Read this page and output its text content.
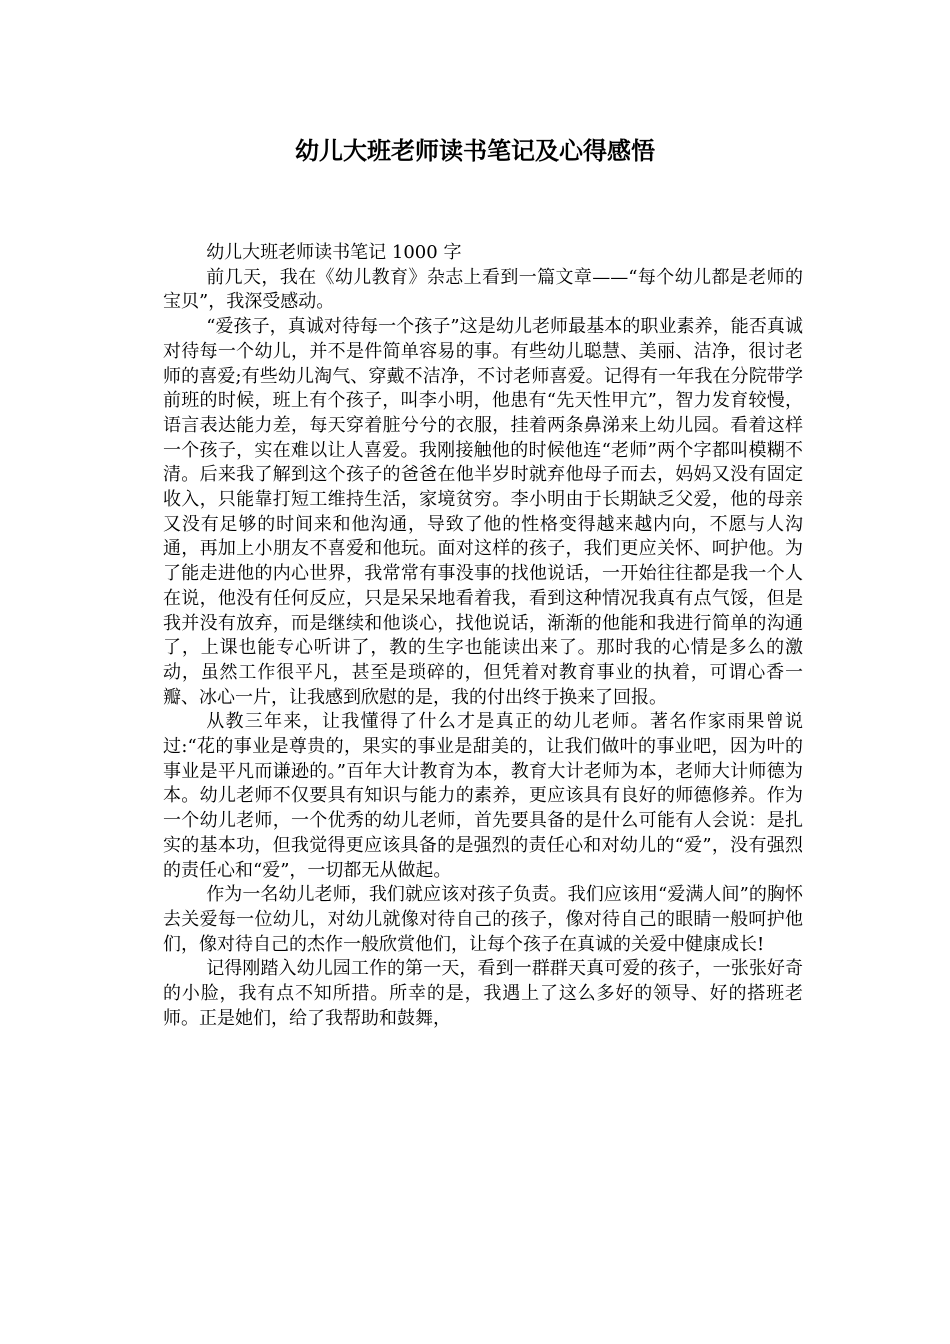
幼儿大班老师读书笔记及心得感悟

幼儿大班老师读书笔记 1000 字

前几天，我在《幼儿教育》杂志上看到一篇文章——“每个幼儿都是老师的宝贝”，我深受感动。

“爱孩子，真诚对待每一个孩子”这是幼儿老师最基本的职业素养，能否真诚对待每一个幼儿，并不是件简单容易的事。有些幼儿聪慧、美丽、洁净，很讨老师的喜爱;有些幼儿淘气、穿戴不洁净，不讨老师喜爱。记得有一年我在分院带学前班的时候，班上有个孩子，叫李小明，他患有“先天性甲亢”，智力发育较慢，语言表达能力差，每天穿着脏兮兮的衣服，挂着两条鼻涕来上幼儿园。看着这样一个孩子，实在难以让人喜爱。我刚接触他的时候他连“老师”两个字都叫模糊不清。后来我了解到这个孩子的爸爸在他半岁时就弃他母子而去，妈妈又没有固定收入，只能靠打短工维持生活，家境贫穷。李小明由于长期缺乏父爱，他的母亲又没有足够的时间来和他沟通，导致了他的性格变得越来越内向，不愿与人沟通，再加上小朋友不喜爱和他玩。面对这样的孩子，我们更应关怀、呵护他。为了能走进他的内心世界，我常常有事没事的找他说话，一开始往往都是我一个人在说，他没有任何反应，只是呆呆地看着我，看到这种情况我真有点气馁，但是我并没有放弃，而是继续和他谈心，找他说话，渐渐的他能和我进行简单的沟通了，上课也能专心听讲了，教的生字也能读出来了。那时我的心情是多么的激动，虽然工作很平凡，甚至是琐碎的，但凭着对教育事业的执着，可谓心香一瓣、冰心一片，让我感到欣慰的是，我的付出终于换来了回报。

从教三年来，让我懂得了什么才是真正的幼儿老师。著名作家雨果曾说过:“花的事业是尊贵的，果实的事业是甜美的，让我们做叶的事业吧，因为叶的事业是平凡而谦逊的。”百年大计教育为本，教育大计老师为本，老师大计师德为本。幼儿老师不仅要具有知识与能力的素养，更应该具有良好的师德修养。作为一个幼儿老师，一个优秀的幼儿老师，首先要具备的是什么可能有人会说：是扎实的基本功，但我觉得更应该具备的是强烈的责任心和对幼儿的“爱”，没有强烈的责任心和“爱”，一切都无从做起。

作为一名幼儿老师，我们就应该对孩子负责。我们应该用“爱满人间”的胸怀去关爱每一位幼儿，对幼儿就像对待自己的孩子，像对待自己的眼睛一般呵护他们，像对待自己的杰作一般欣赏他们，让每个孩子在真诚的关爱中健康成长!

记得刚踏入幼儿园工作的第一天，看到一群群天真可爱的孩子，一张张好奇的小脸，我有点不知所措。所幸的是，我遇上了这么多好的领导、好的搭班老师。正是她们，给了我帮助和鼓舞，
